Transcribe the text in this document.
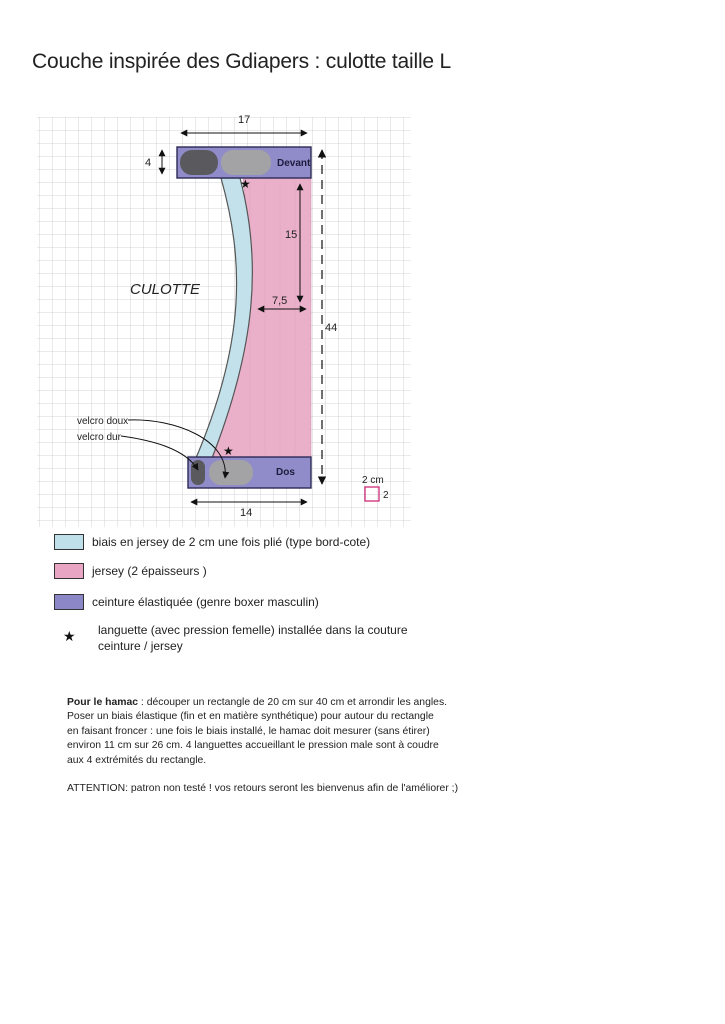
Couche inspirée des Gdiapers : culotte taille L
★
★
Devant
Dos
CULOTTE
17
4
44
15
7,5
14
velcro doux
velcro dur
2 cm
2
biais en jersey de 2 cm une fois plié (type bord-cote)
jersey (2 épaisseurs )
ceinture élastiquée (genre boxer masculin)
★ languette (avec pression femelle) installée dans la couture
ceinture / jersey

Pour le hamac : découper un rectangle de 20 cm sur 40 cm et arrondir les angles.

Poser un biais élastique (fin et en matière synthétique) pour autour du rectangle

en faisant froncer : une fois le biais installé, le hamac doit mesurer (sans étirer)

environ 11 cm sur 26 cm. 4 languettes accueillant le pression male sont à coudre

aux 4 extrémités du rectangle.

ATTENTION: patron non testé ! vos retours seront les bienvenus afin de l'améliorer ;)
